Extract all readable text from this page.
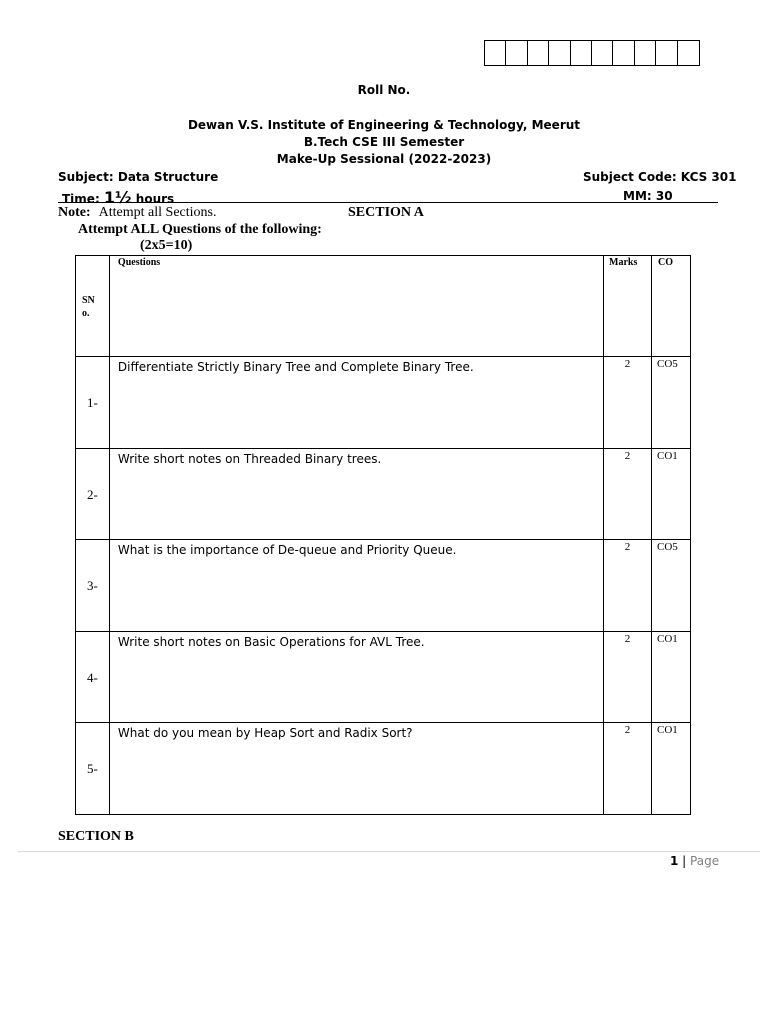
Roll No.
Dewan V.S. Institute of Engineering & Technology, Meerut
B.Tech CSE III Semester
Make-Up Sessional (2022-2023)
Subject: Data Structure	Subject Code: KCS 301
Time: 1½ hours	MM: 30
Note: Attempt all Sections.	SECTION A
Attempt ALL Questions of the following:
(2x5=10)
SNo.	Questions	Marks	CO

1-	Differentiate Strictly Binary Tree and Complete Binary Tree.	2	CO5

2-	Write short notes on Threaded Binary trees.	2	CO1

3-	What is the importance of De-queue and Priority Queue.	2	CO5

4-	Write short notes on Basic Operations for AVL Tree.	2	CO1

5-	What do you mean by Heap Sort and Radix Sort?	2	CO1
SECTION B
1 | Page
